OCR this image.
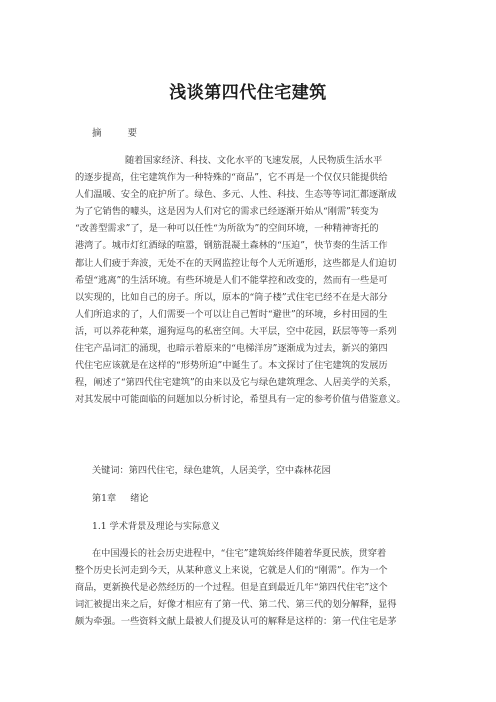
浅谈第四代住宅建筑
摘	要
随着国家经济、科技、文化水平的飞速发展，人民物质生活水平
的逐步提高，住宅建筑作为一种特殊的“商品”，它不再是一个仅仅只能提供给
人们温暖、安全的庇护所了。绿色、多元、人性、科技、生态等等词汇都逐渐成
为了它销售的噱头，这是因为人们对它的需求已经逐渐开始从“刚需”转变为
“改善型需求”了，是一种可以任性“为所欲为”的空间环境，一种精神寄托的
港湾了。城市灯红酒绿的喧嚣，钢筋混凝土森林的“压迫”，快节奏的生活工作
都让人们疲于奔波，无处不在的天网监控让每个人无所遁形，这些都是人们迫切
希望“逃离”的生活环境。有些环境是人们不能掌控和改变的，然而有一些是可
以实现的，比如自己的房子。所以，原本的“筒子楼”式住宅已经不在是大部分
人们所追求的了，人们需要一个可以让自己暂时“避世”的环境，乡村田园的生
活，可以养花种菜，遛狗逗鸟的私密空间。大平层，空中花园，跃层等等一系列
住宅产品词汇的涌现，也暗示着原来的“电梯洋房”逐渐成为过去，新兴的第四
代住宅应该就是在这样的“形势所迫”中诞生了。本文探讨了住宅建筑的发展历
程，阐述了“第四代住宅建筑”的由来以及它与绿色建筑理念、人居美学的关系，
对其发展中可能面临的问题加以分析讨论，希望具有一定的参考价值与借鉴意义。
关键词：第四代住宅，绿色建筑，人居美学，空中森林花园
第1章 绪论
1.1 学术背景及理论与实际意义
在中国漫长的社会历史进程中，“住宅”建筑始终伴随着华夏民族，贯穿着
整个历史长河走到今天，从某种意义上来说，它就是人们的“刚需”。作为一个
商品，更新换代是必然经历的一个过程。但是直到最近几年“第四代住宅”这个
词汇被提出来之后，好像才相应有了第一代、第二代、第三代的划分解释，显得
颇为牵强。一些资料文献上最被人们提及认可的解释是这样的：第一代住宅是茅
